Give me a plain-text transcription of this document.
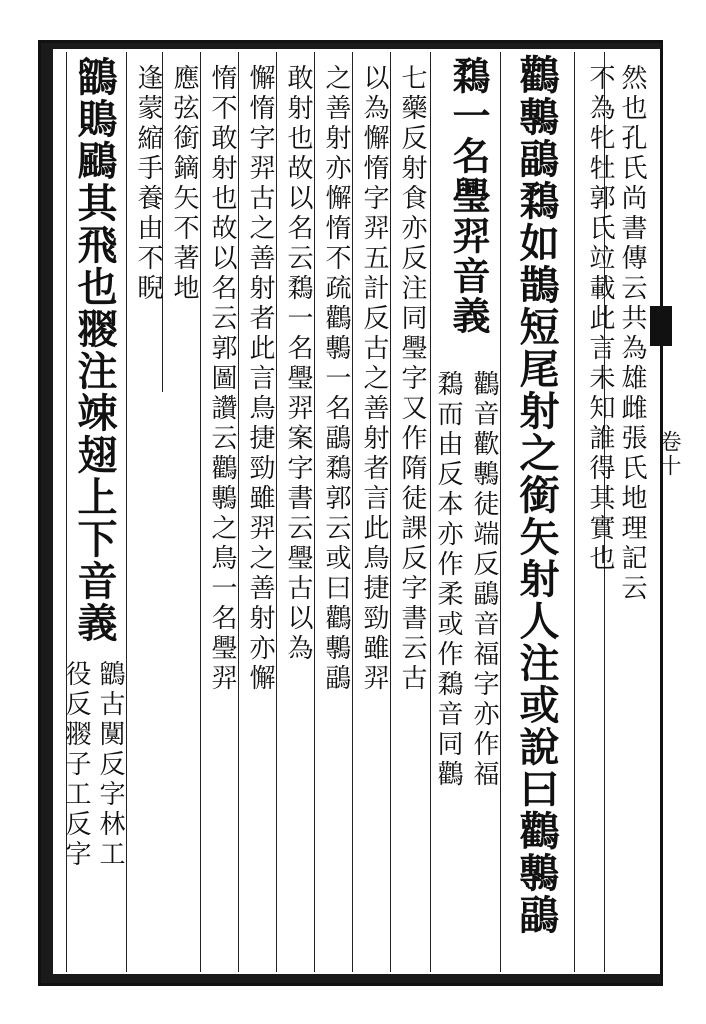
卷十
然也孔氏尚書傳云共為雄雌張氏地理記云
不為牝牡郭氏竝載此言未知誰得其實也
鸛鷒鶝鶔如鵲短尾射之銜矢射人注或說曰鸛鷒鶝
鶔一名璺羿音義
鸛音歡鷒徒端反鶝音福字亦作福
鶔而由反本亦作柔或作鶔音同鸛
七藥反射食亦反注同璺字又作隋徒課反字書云古
以為懈惰字羿五計反古之善射者言此鳥捷勁雖羿
之善射亦懈惰不疏鸛鷒一名鶝鶔郭云或曰鸛鷒鶝
敢射也故以名云鶔一名璺羿案字書云璺古以為
懈惰字羿古之善射者此言鳥捷勁雖羿之善射亦懈
惰不敢射也故以名云郭圖讚云鸛鷒之鳥一名璺羿
應弦銜鏑矢不著地
逢蒙縮手養由不睨
鶹鵙鶌其飛也翪注竦翅上下音義
鶹古闃反字林工
役反翪子工反字
